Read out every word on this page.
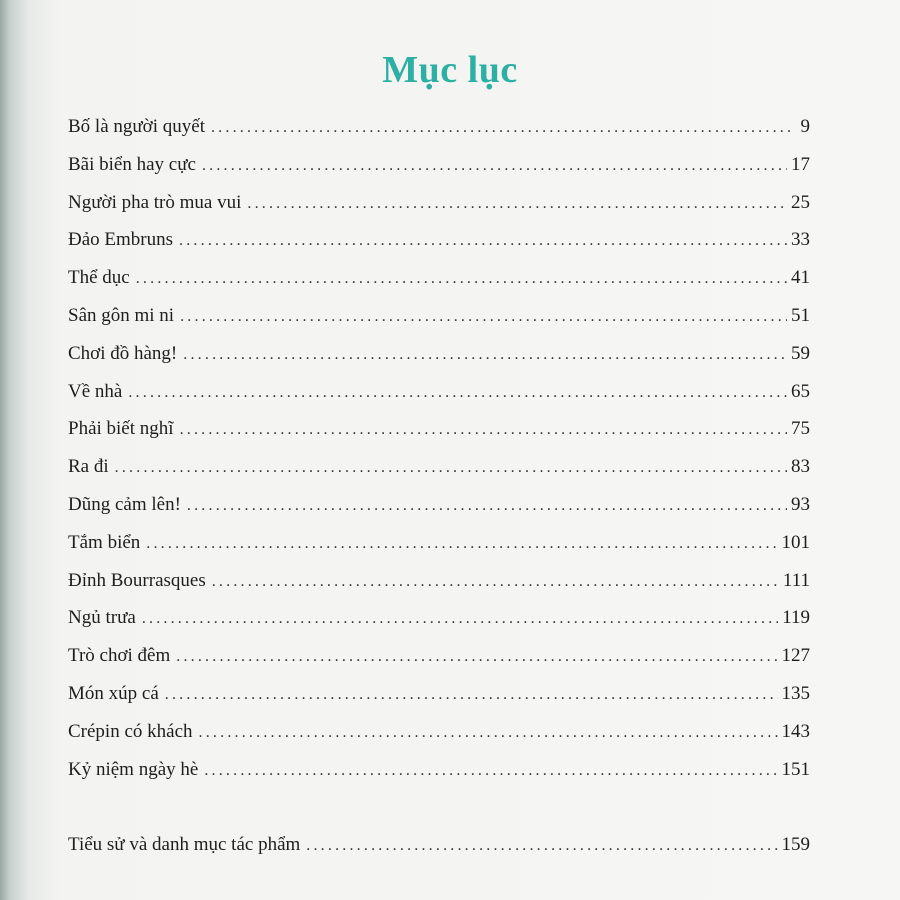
Mục lục
Bố là người quyết .....	9
Bãi biển hay cực .....	17
Người pha trò mua vui .....	25
Đảo Embruns .....	33
Thể dục .....	41
Sân gôn mi ni .....	51
Chơi đồ hàng! .....	59
Về nhà .....	65
Phải biết nghĩ .....	75
Ra đi .....	83
Dũng cảm lên! .....	93
Tắm biển .....	101
Đỉnh Bourrasques .....	111
Ngủ trưa .....	119
Trò chơi đêm .....	127
Món xúp cá .....	135
Crépin có khách .....	143
Kỷ niệm ngày hè .....	151
Tiểu sử và danh mục tác phẩm .....	159
